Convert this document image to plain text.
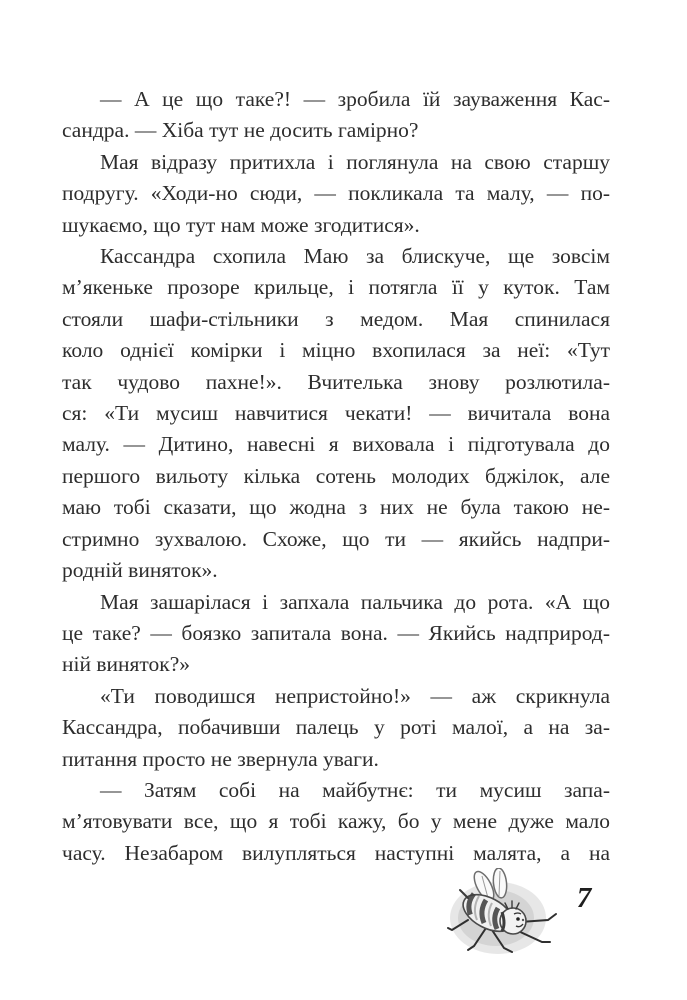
— А це що таке?! — зробила їй зауваження Кас-
сандра. — Хіба тут не досить гамірно?
Мая відразу притихла і поглянула на свою старшу
подругу. «Ходи-но сюди, — покликала та малу, — по-
шукаємо, що тут нам може згодитися».
Кассандра схопила Маю за блискуче, ще зовсім
м’якеньке прозоре крильце, і потягла її у куток. Там
стояли шафи-стільники з медом. Мая спинилася
коло однієї комірки і міцно вхопилася за неї: «Тут
так чудово пахне!». Вчителька знову розлютила-
ся: «Ти мусиш навчитися чекати! — вичитала вона
малу. — Дитино, навесні я виховала і підготувала до
першого вильоту кілька сотень молодих бджілок, але
маю тобі сказати, що жодна з них не була такою не-
стримно зухвалою. Схоже, що ти — якийсь надпри-
родній виняток».
Мая зашарілася і запхала пальчика до рота. «А що
це таке? — боязко запитала вона. — Якийсь надприрод-
ній виняток?»
«Ти поводишся непристойно!» — аж скрикнула
Кассандра, побачивши палець у роті малої, а на за-
питання просто не звернула уваги.
— Затям собі на майбутнє: ти мусиш запа-
м’ятовувати все, що я тобі кажу, бо у мене дуже мало
часу. Незабаром вилупляться наступні малята, а на
7
